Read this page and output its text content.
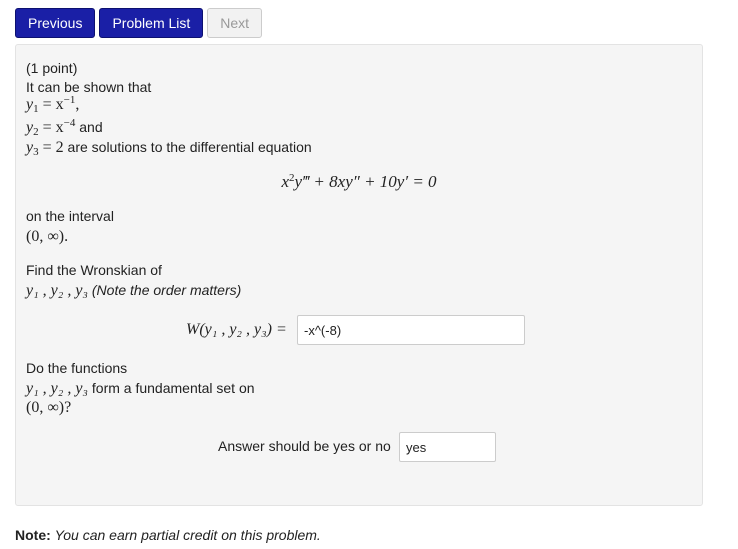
Previous	Problem List	Next
(1 point)
It can be shown that
$y_1 = x^{-1}$,
$y_2 = x^{-4}$ and
$y_3 = 2$ are solutions to the differential equation
$x^2y‴ + 8xy'' + 10y' = 0$
on the interval
(0, ∞).
Find the Wronskian of
y₁ , y₂ , y₃ (Note the order matters)
W(y₁ , y₂ , y₃) =	-x^(-8)
Do the functions
y₁ , y₂ , y₃ form a fundamental set on
(0, ∞)?
Answer should be yes or no	yes
Note: You can earn partial credit on this problem.
